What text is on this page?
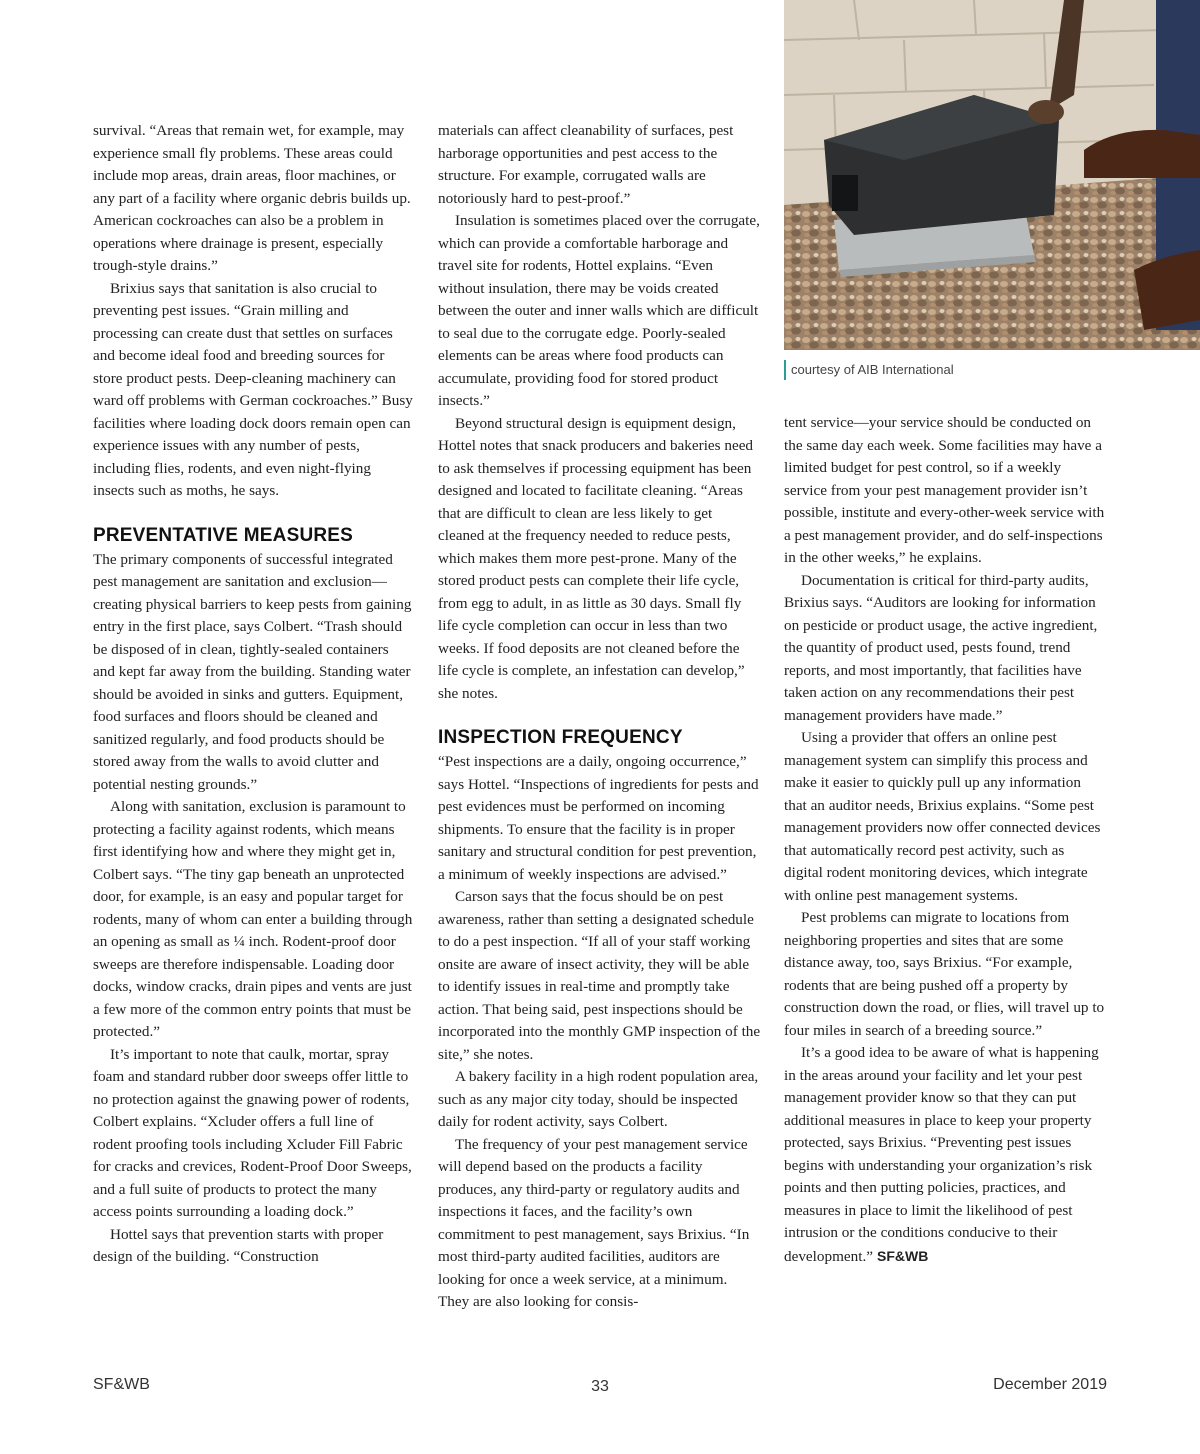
survival. “Areas that remain wet, for example, may experience small fly problems. These areas could include mop areas, drain areas, floor machines, or any part of a facility where organic debris builds up. American cockroaches can also be a problem in operations where drainage is present, especially trough-style drains.”

Brixius says that sanitation is also crucial to preventing pest issues. “Grain milling and processing can create dust that settles on surfaces and become ideal food and breeding sources for store product pests. Deep-cleaning machinery can ward off problems with German cockroaches.” Busy facilities where loading dock doors remain open can experience issues with any number of pests, including flies, rodents, and even night-flying insects such as moths, he says.

PREVENTATIVE MEASURES

The primary components of successful integrated pest management are sanitation and exclusion—creating physical barriers to keep pests from gaining entry in the first place, says Colbert. “Trash should be disposed of in clean, tightly-sealed containers and kept far away from the building. Standing water should be avoided in sinks and gutters. Equipment, food surfaces and floors should be cleaned and sanitized regularly, and food products should be stored away from the walls to avoid clutter and potential nesting grounds.”

Along with sanitation, exclusion is paramount to protecting a facility against rodents, which means first identifying how and where they might get in, Colbert says. “The tiny gap beneath an unprotected door, for example, is an easy and popular target for rodents, many of whom can enter a building through an opening as small as ¼ inch. Rodent-proof door sweeps are therefore indispensable. Loading door docks, window cracks, drain pipes and vents are just a few more of the common entry points that must be protected.”

It’s important to note that caulk, mortar, spray foam and standard rubber door sweeps offer little to no protection against the gnawing power of rodents, Colbert explains. “Xcluder offers a full line of rodent proofing tools including Xcluder Fill Fabric for cracks and crevices, Rodent-Proof Door Sweeps, and a full suite of products to protect the many access points surrounding a loading dock.”

Hottel says that prevention starts with proper design of the building. “Construction

materials can affect cleanability of surfaces, pest harborage opportunities and pest access to the structure. For example, corrugated walls are notoriously hard to pest-proof.”

Insulation is sometimes placed over the corrugate, which can provide a comfortable harborage and travel site for rodents, Hottel explains. “Even without insulation, there may be voids created between the outer and inner walls which are difficult to seal due to the corrugate edge. Poorly-sealed elements can be areas where food products can accumulate, providing food for stored product insects.”

Beyond structural design is equipment design, Hottel notes that snack producers and bakeries need to ask themselves if processing equipment has been designed and located to facilitate cleaning. “Areas that are difficult to clean are less likely to get cleaned at the frequency needed to reduce pests, which makes them more pest-prone. Many of the stored product pests can complete their life cycle, from egg to adult, in as little as 30 days. Small fly life cycle completion can occur in less than two weeks. If food deposits are not cleaned before the life cycle is complete, an infestation can develop,” she notes.

INSPECTION FREQUENCY

“Pest inspections are a daily, ongoing occurrence,” says Hottel. “Inspections of ingredients for pests and pest evidences must be performed on incoming shipments. To ensure that the facility is in proper sanitary and structural condition for pest prevention, a minimum of weekly inspections are advised.”

Carson says that the focus should be on pest awareness, rather than setting a designated schedule to do a pest inspection. “If all of your staff working onsite are aware of insect activity, they will be able to identify issues in real-time and promptly take action. That being said, pest inspections should be incorporated into the monthly GMP inspection of the site,” she notes.

A bakery facility in a high rodent population area, such as any major city today, should be inspected daily for rodent activity, says Colbert.

The frequency of your pest management service will depend based on the products a facility produces, any third-party or regulatory audits and inspections it faces, and the facility’s own commitment to pest management, says Brixius. “In most third-party audited facilities, auditors are looking for once a week service, at a minimum. They are also looking for consis-

courtesy of AIB International

tent service—your service should be conducted on the same day each week. Some facilities may have a limited budget for pest control, so if a weekly service from your pest management provider isn’t possible, institute and every-other-week service with a pest management provider, and do self-inspections in the other weeks,” he explains.

Documentation is critical for third-party audits, Brixius says. “Auditors are looking for information on pesticide or product usage, the active ingredient, the quantity of product used, pests found, trend reports, and most importantly, that facilities have taken action on any recommendations their pest management providers have made.”

Using a provider that offers an online pest management system can simplify this process and make it easier to quickly pull up any information that an auditor needs, Brixius explains. “Some pest management providers now offer connected devices that automatically record pest activity, such as digital rodent monitoring devices, which integrate with online pest management systems.

Pest problems can migrate to locations from neighboring properties and sites that are some distance away, too, says Brixius. “For example, rodents that are being pushed off a property by construction down the road, or flies, will travel up to four miles in search of a breeding source.”

It’s a good idea to be aware of what is happening in the areas around your facility and let your pest management provider know so that they can put additional measures in place to keep your property protected, says Brixius. “Preventing pest issues begins with understanding your organization’s risk points and then putting policies, practices, and measures in place to limit the likelihood of pest intrusion or the conditions conducive to their development.” SF&WB

SF&WB	33	December 2019
